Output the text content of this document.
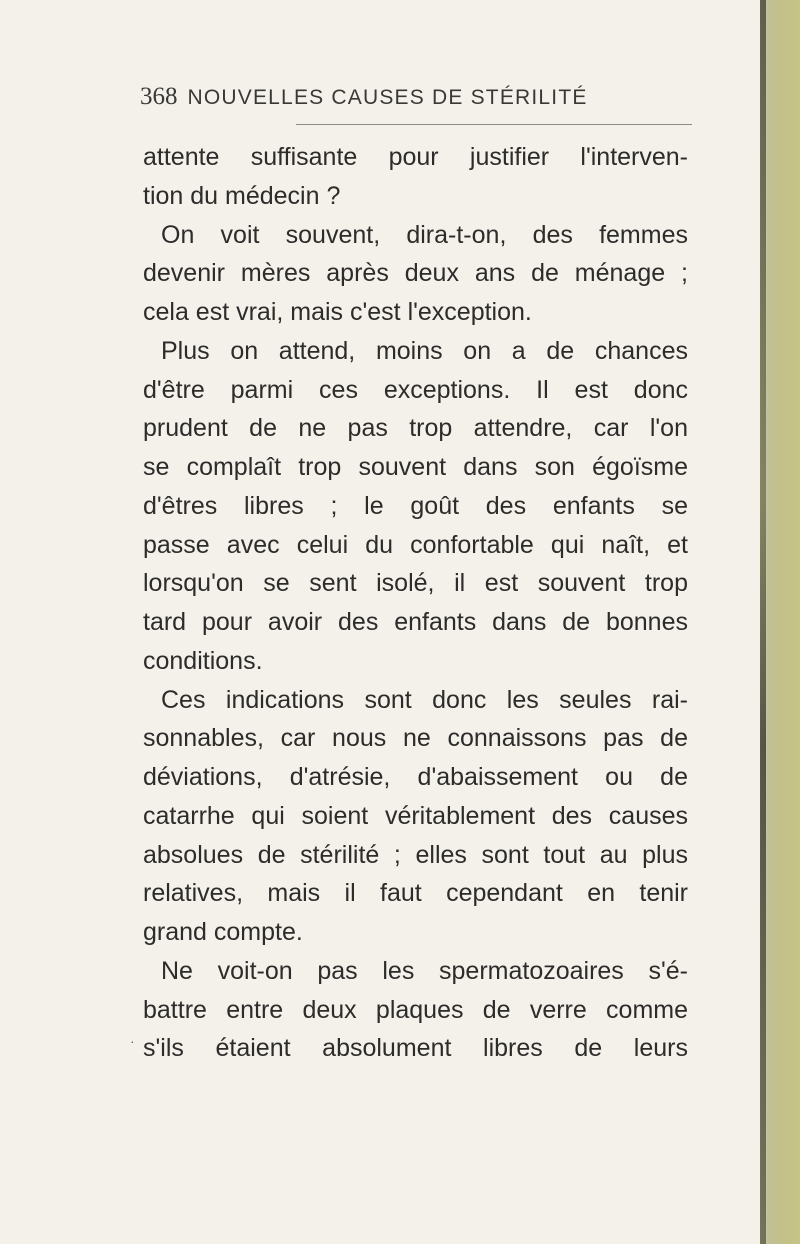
368 NOUVELLES CAUSES DE STÉRILITÉ
attente suffisante pour justifier l'interven-
tion du médecin ?
On voit souvent, dira-t-on, des femmes
devenir mères après deux ans de ménage ;
cela est vrai, mais c'est l'exception.
Plus on attend, moins on a de chances
d'être parmi ces exceptions. Il est donc
prudent de ne pas trop attendre, car l'on
se complaît trop souvent dans son égoïsme
d'êtres libres ; le goût des enfants se
passe avec celui du confortable qui naît, et
lorsqu'on se sent isolé, il est souvent trop
tard pour avoir des enfants dans de bonnes
conditions.
Ces indications sont donc les seules rai-
sonnables, car nous ne connaissons pas de
déviations, d'atrésie, d'abaissement ou de
catarrhe qui soient véritablement des causes
absolues de stérilité ; elles sont tout au plus
relatives, mais il faut cependant en tenir
grand compte.
Ne voit-on pas les spermatozoaires s'é-
battre entre deux plaques de verre comme
s'ils étaient absolument libres de leurs
·
